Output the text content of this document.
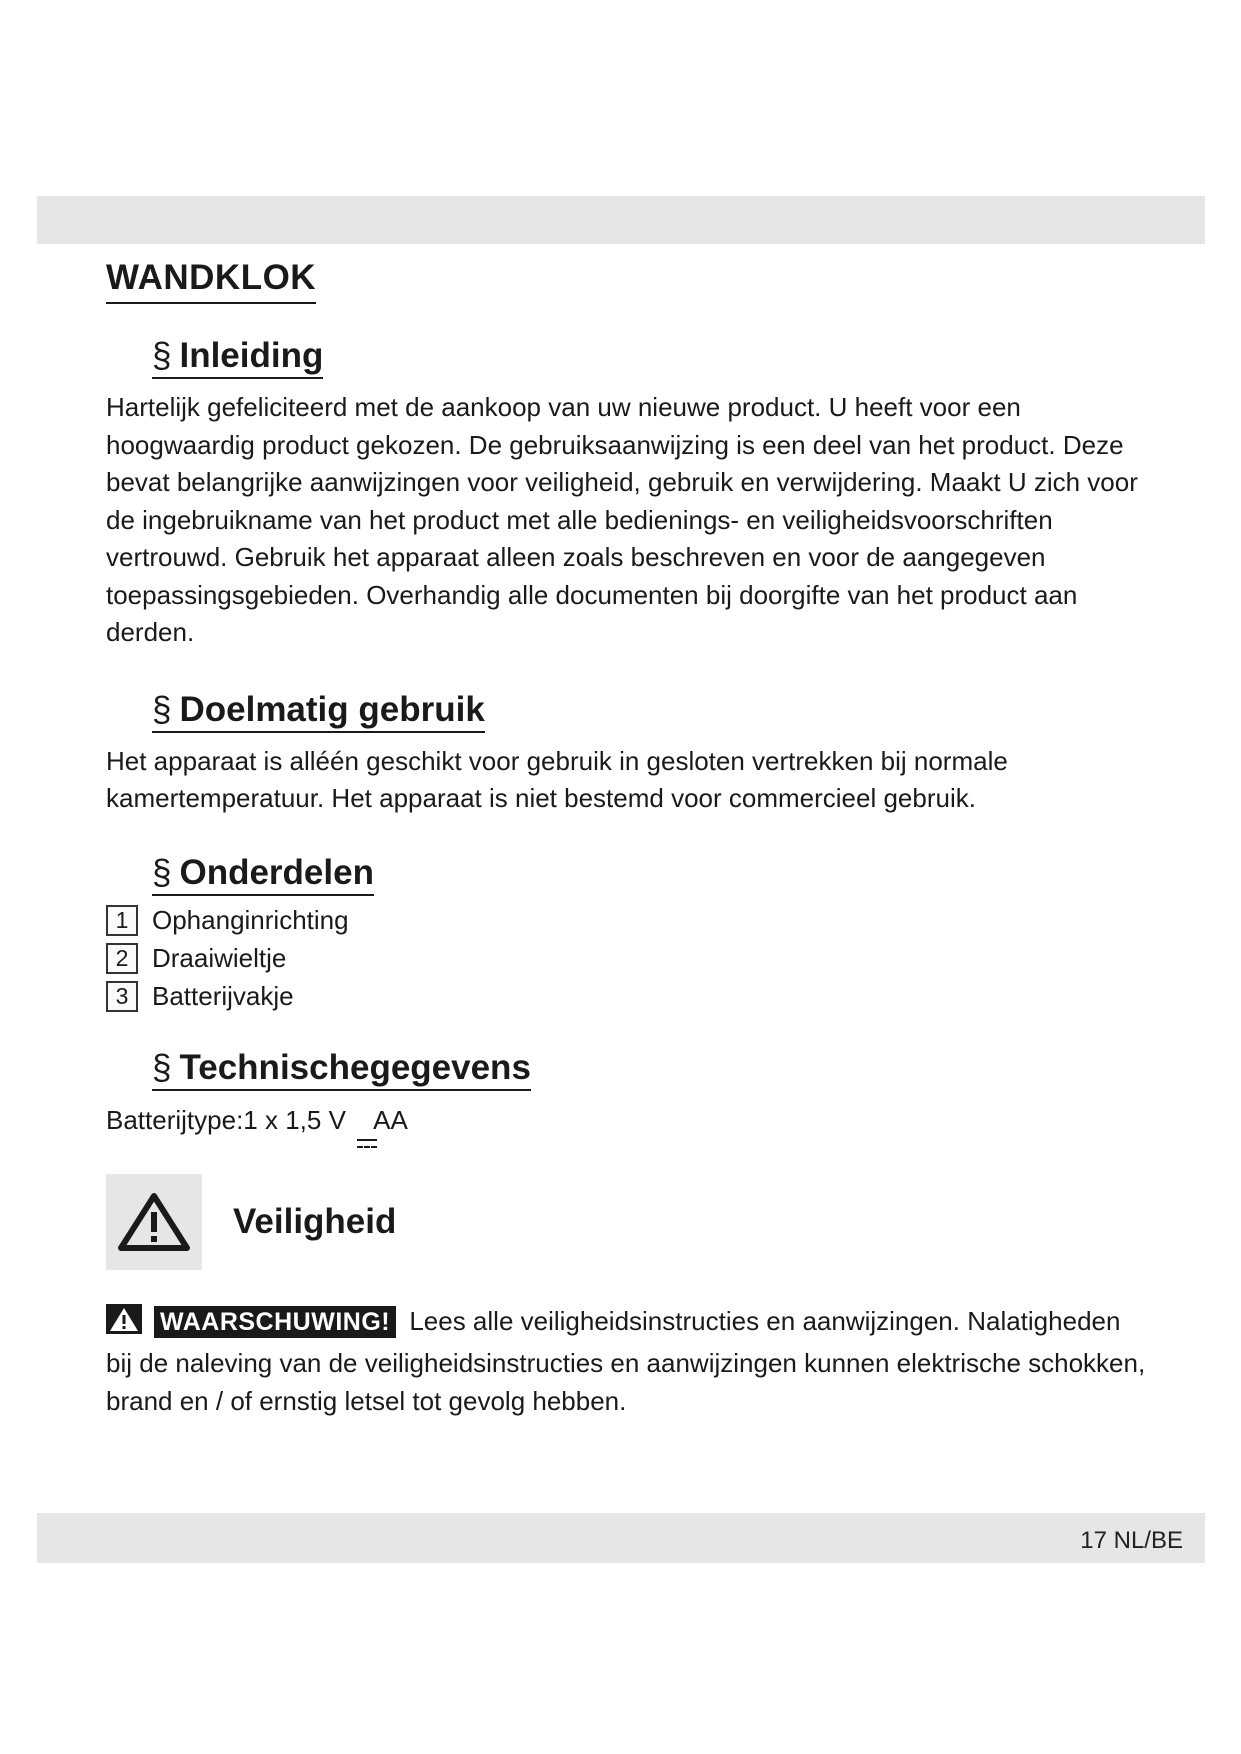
WANDKLOK
§ Inleiding

Hartelijk gefeliciteerd met de aankoop van uw nieuwe product. U heeft voor een hoogwaardig product gekozen. De gebruiksaanwijzing is een deel van het product. Deze bevat belangrijke aanwijzingen voor veiligheid, gebruik en verwijdering. Maakt U zich voor de ingebruikname van het product met alle bedienings- en veiligheidsvoorschriften vertrouwd. Gebruik het apparaat alleen zoals beschreven en voor de aangegeven toepassingsgebieden. Overhandig alle documenten bij doorgifte van het product aan derden.

§ Doelmatig gebruik

Het apparaat is alléén geschikt voor gebruik in gesloten vertrekken bij normale kamertemperatuur. Het apparaat is niet bestemd voor commercieel gebruik.

§ Onderdelen
1 Ophanginrichting
2 Draaiwieltje
3 Batterijvakje
§ Technischegegevens
Batterijtype:1 x 1,5 V AA
Veiligheid
WAARSCHUWING! Lees alle veiligheidsinstructies en aanwijzingen. Nalatigheden bij de naleving van de veiligheidsinstructies en aanwijzingen kunnen elektrische schokken, brand en / of ernstig letsel tot gevolg hebben.
17 NL/BE
